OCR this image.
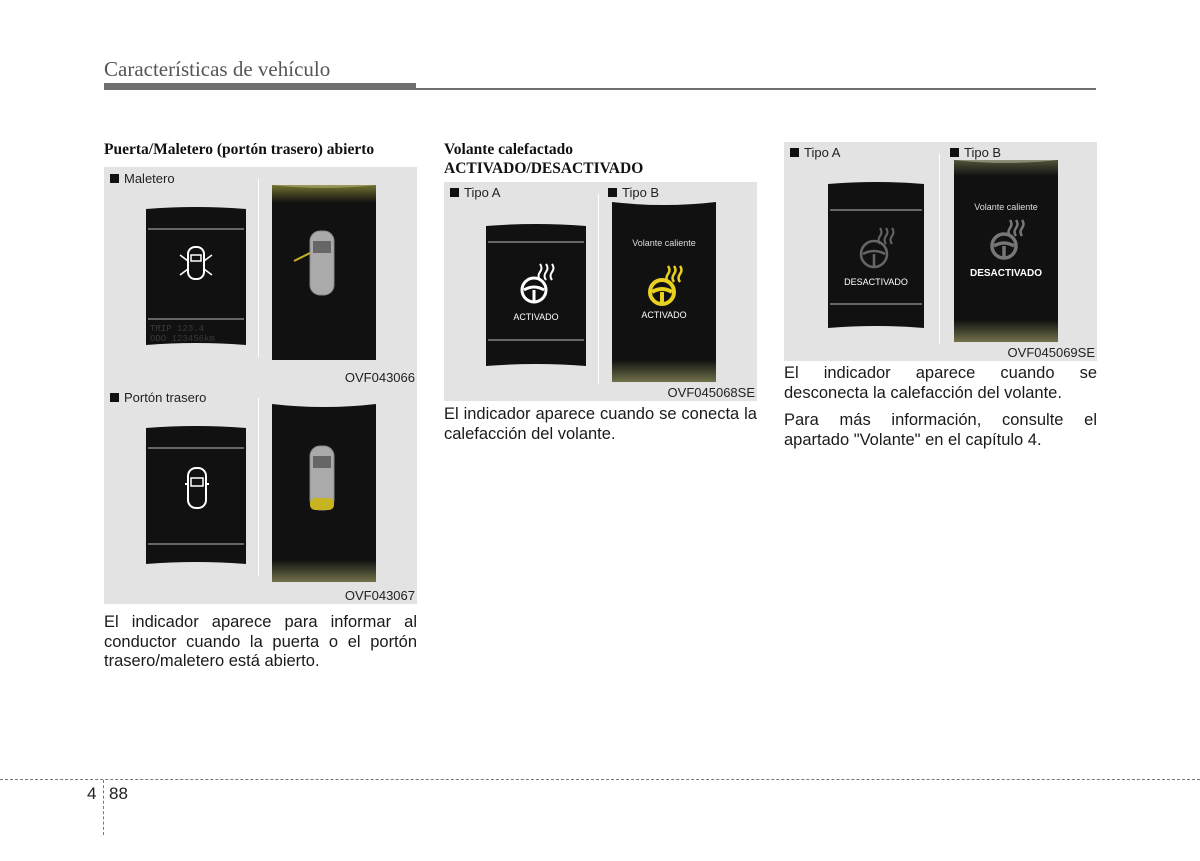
Características de vehículo
Puerta/Maletero (portón trasero) abierto
Maletero
TRIP 123.4
ODO 123456km
OVF043066
Portón trasero
OVF043067
El indicador aparece para informar al conductor cuando la puerta o el portón trasero/maletero está abierto.
Volante calefactado
ACTIVADO/DESACTIVADO
Tipo A	Tipo B
ACTIVADO
Volante caliente
ACTIVADO
OVF045068SE
El indicador aparece cuando se conecta la calefacción del volante.
Tipo A	Tipo B
DESACTIVADO
Volante caliente
DESACTIVADO
OVF045069SE
El indicador aparece cuando se desconecta la calefacción del volante.
Para más información, consulte el apartado "Volante" en el capítulo 4.
4 88
